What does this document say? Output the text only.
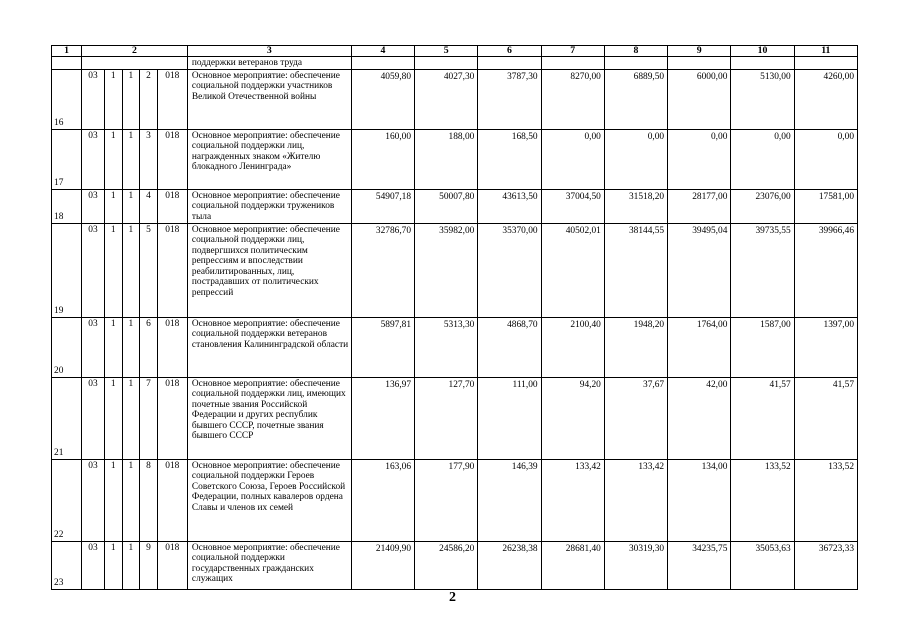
1	2					3	4	5	6	7	8	9	10	11
						поддержки ветеранов труда								
16	03	1	1	2	018	Основное мероприятие: обеспечение социальной поддержки участников Великой Отечественной войны	4059,80	4027,30	3787,30	8270,00	6889,50	6000,00	5130,00	4260,00
17	03	1	1	3	018	Основное мероприятие: обеспечение социальной поддержки лиц, награжденных знаком «Жителю блокадного Ленинграда»	160,00	188,00	168,50	0,00	0,00	0,00	0,00	0,00
18	03	1	1	4	018	Основное мероприятие: обеспечение социальной поддержки тружеников тыла	54907,18	50007,80	43613,50	37004,50	31518,20	28177,00	23076,00	17581,00
19	03	1	1	5	018	Основное мероприятие: обеспечение социальной поддержки лиц, подвергшихся политическим репрессиям и впоследствии реабилитированных, лиц, пострадавших от политических репрессий	32786,70	35982,00	35370,00	40502,01	38144,55	39495,04	39735,55	39966,46
20	03	1	1	6	018	Основное мероприятие: обеспечение социальной поддержки ветеранов становления Калининградской области	5897,81	5313,30	4868,70	2100,40	1948,20	1764,00	1587,00	1397,00
21	03	1	1	7	018	Основное мероприятие: обеспечение социальной поддержки лиц, имеющих почетные звания Российской Федерации и других республик бывшего СССР, почетные звания бывшего СССР	136,97	127,70	111,00	94,20	37,67	42,00	41,57	41,57
22	03	1	1	8	018	Основное мероприятие: обеспечение социальной поддержки Героев Советского Союза, Героев Российской Федерации, полных кавалеров ордена Славы и членов их семей	163,06	177,90	146,39	133,42	133,42	134,00	133,52	133,52
23	03	1	1	9	018	Основное мероприятие: обеспечение социальной поддержки государственных гражданских служащих	21409,90	24586,20	26238,38	28681,40	30319,30	34235,75	35053,63	36723,33
2
